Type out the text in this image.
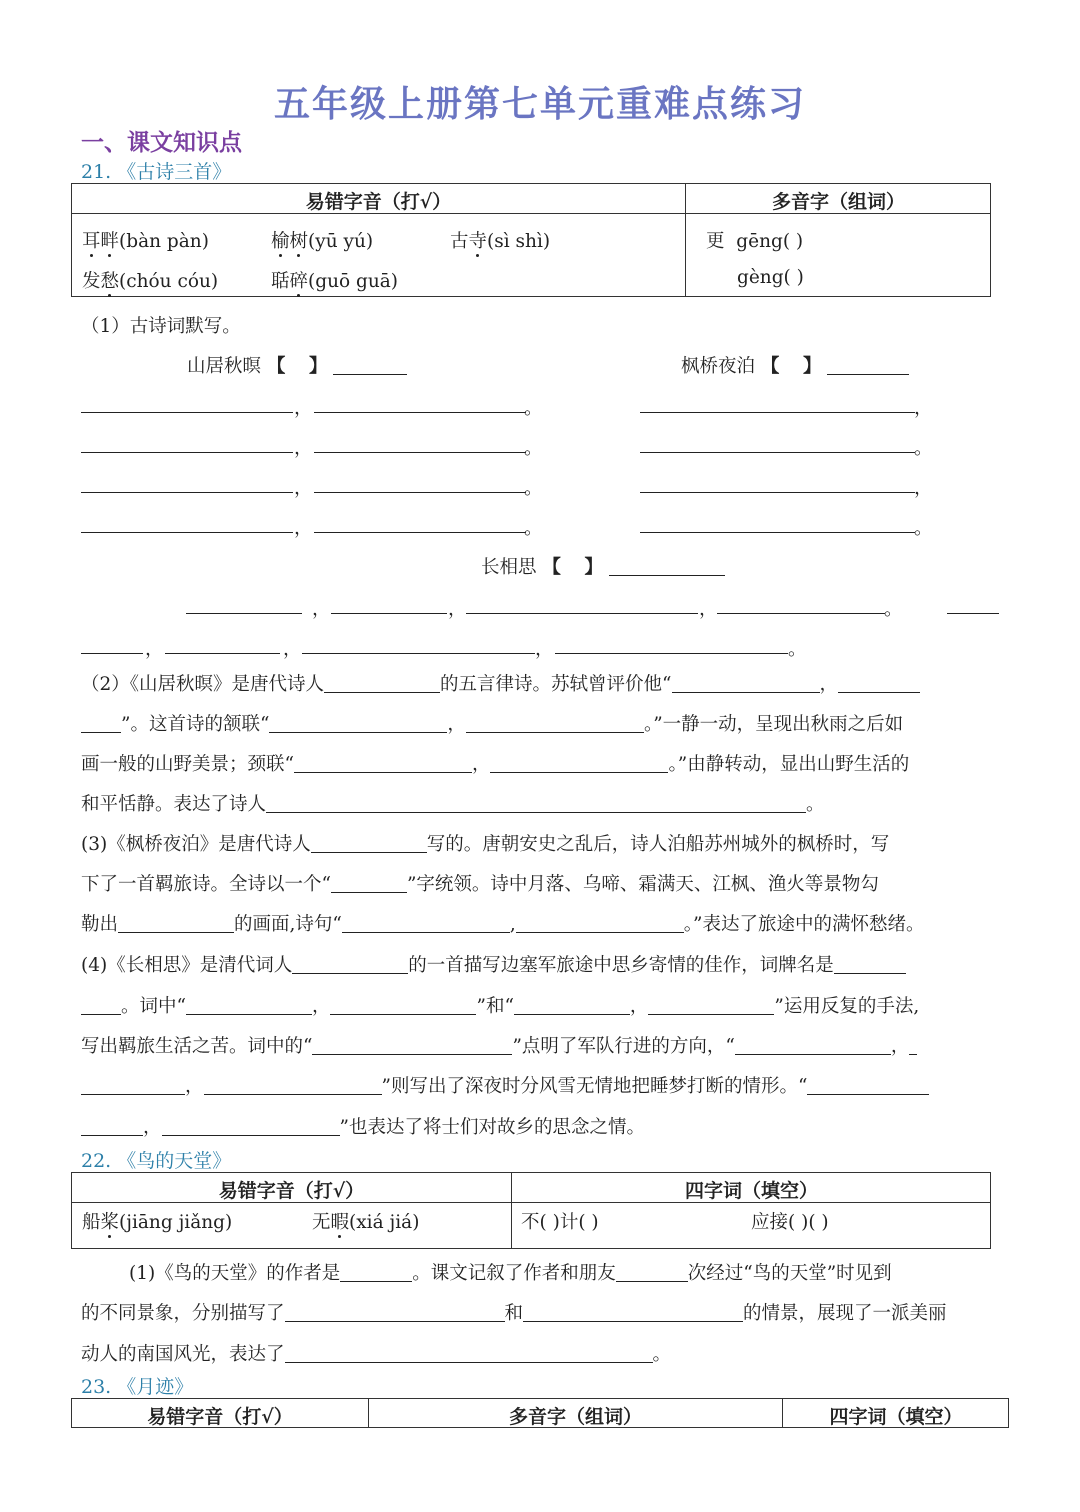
五年级上册第七单元重难点练习
一、课文知识点
21. 《古诗三首》
易错字音（打√）	多音字（组词）
耳畔(bàn pàn)	榆树(yū yú)	古寺(sì shì)
发愁(chóu cóu)	聒碎(guō guā)
更 gēng( )
gèng( )
（1）古诗词默写。
山居秋暝 【 】	枫桥夜泊 【 】
，	。
，	。
，	。
，	。
，
。
，
。
长相思 【 】
，	，	，	。
，	，	，	。
（2）《山居秋暝》是唐代诗人	的五言律诗。苏轼曾评价他“	，
”。这首诗的颔联“	，	。”一静一动，呈现出秋雨之后如
画一般的山野美景；颈联“	，	。”由静转动，显出山野生活的
和平恬静。表达了诗人	。
(3)《枫桥夜泊》是唐代诗人	写的。唐朝安史之乱后，诗人泊船苏州城外的枫桥时，写
下了一首羁旅诗。全诗以一个“	”字统领。诗中月落、乌啼、霜满天、江枫、渔火等景物勾
勒出	的画面,诗句“	,	。”表达了旅途中的满怀愁绪。
(4)《长相思》是清代词人	的一首描写边塞军旅途中思乡寄情的佳作，词牌名是
。词中“	，	”和“	，	”运用反复的手法,
写出羁旅生活之苦。词中的“	”点明了军队行进的方向，“	，
，	”则写出了深夜时分风雪无情地把睡梦打断的情形。“
，	”也表达了将士们对故乡的思念之情。
22. 《鸟的天堂》
易错字音（打√）	四字词（填空）
船桨(jiāng jiǎng)	无暇(xiá jiá)	不( )计( )	应接( )( )
(1)《鸟的天堂》的作者是	。课文记叙了作者和朋友	次经过“鸟的天堂”时见到
的不同景象，分别描写了	和	的情景，展现了一派美丽
动人的南国风光，表达了	。
23. 《月迹》
易错字音（打√）	多音字（组词）	四字词（填空）
